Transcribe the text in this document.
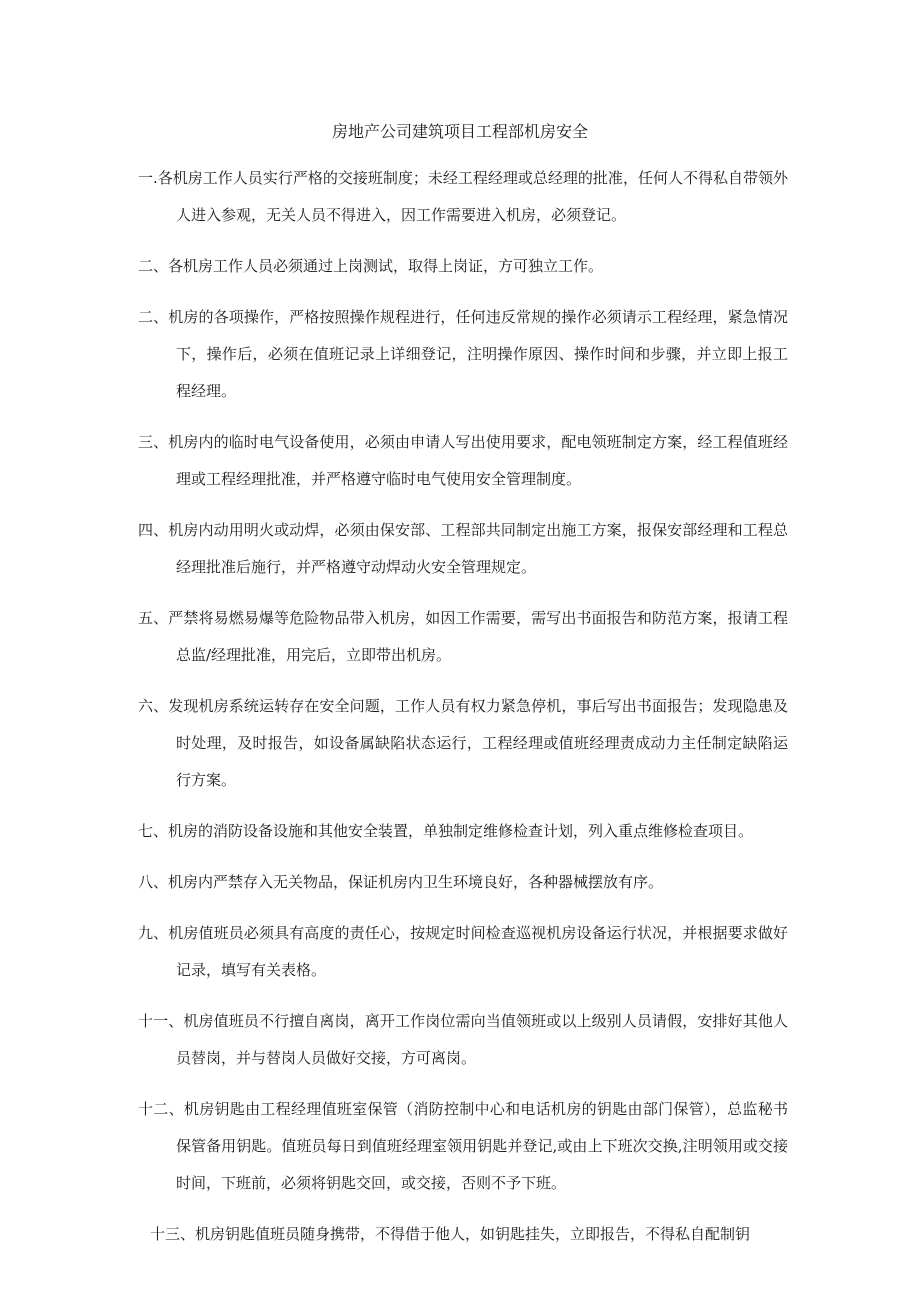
房地产公司建筑项目工程部机房安全

一.各机房工作人员实行严格的交接班制度；未经工程经理或总经理的批准，任何人不得私自带领外人进入参观，无关人员不得进入，因工作需要进入机房，必须登记。

二、各机房工作人员必须通过上岗测试，取得上岗证，方可独立工作。

二、机房的各项操作，严格按照操作规程进行，任何违反常规的操作必须请示工程经理，紧急情况下，操作后，必须在值班记录上详细登记，注明操作原因、操作时间和步骤，并立即上报工程经理。

三、机房内的临时电气设备使用，必须由申请人写出使用要求，配电领班制定方案，经工程值班经理或工程经理批准，并严格遵守临时电气使用安全管理制度。

四、机房内动用明火或动焊，必须由保安部、工程部共同制定出施工方案，报保安部经理和工程总经理批准后施行，并严格遵守动焊动火安全管理规定。

五、严禁将易燃易爆等危险物品带入机房，如因工作需要，需写出书面报告和防范方案，报请工程总监/经理批准，用完后，立即带出机房。

六、发现机房系统运转存在安全问题，工作人员有权力紧急停机，事后写出书面报告；发现隐患及时处理，及时报告，如设备属缺陷状态运行，工程经理或值班经理责成动力主任制定缺陷运行方案。

七、机房的消防设备设施和其他安全装置，单独制定维修检查计划，列入重点维修检查项目。

八、机房内严禁存入无关物品，保证机房内卫生环境良好，各种器械摆放有序。

九、机房值班员必须具有高度的责任心，按规定时间检查巡视机房设备运行状况，并根据要求做好记录，填写有关表格。

十一、机房值班员不行擅自离岗，离开工作岗位需向当值领班或以上级别人员请假，安排好其他人员替岗，并与替岗人员做好交接，方可离岗。

十二、机房钥匙由工程经理值班室保管（消防控制中心和电话机房的钥匙由部门保管），总监秘书保管备用钥匙。值班员每日到值班经理室领用钥匙并登记,或由上下班次交换,注明领用或交接时间，下班前，必须将钥匙交回，或交接，否则不予下班。

十三、机房钥匙值班员随身携带，不得借于他人，如钥匙挂失，立即报告，不得私自配制钥
